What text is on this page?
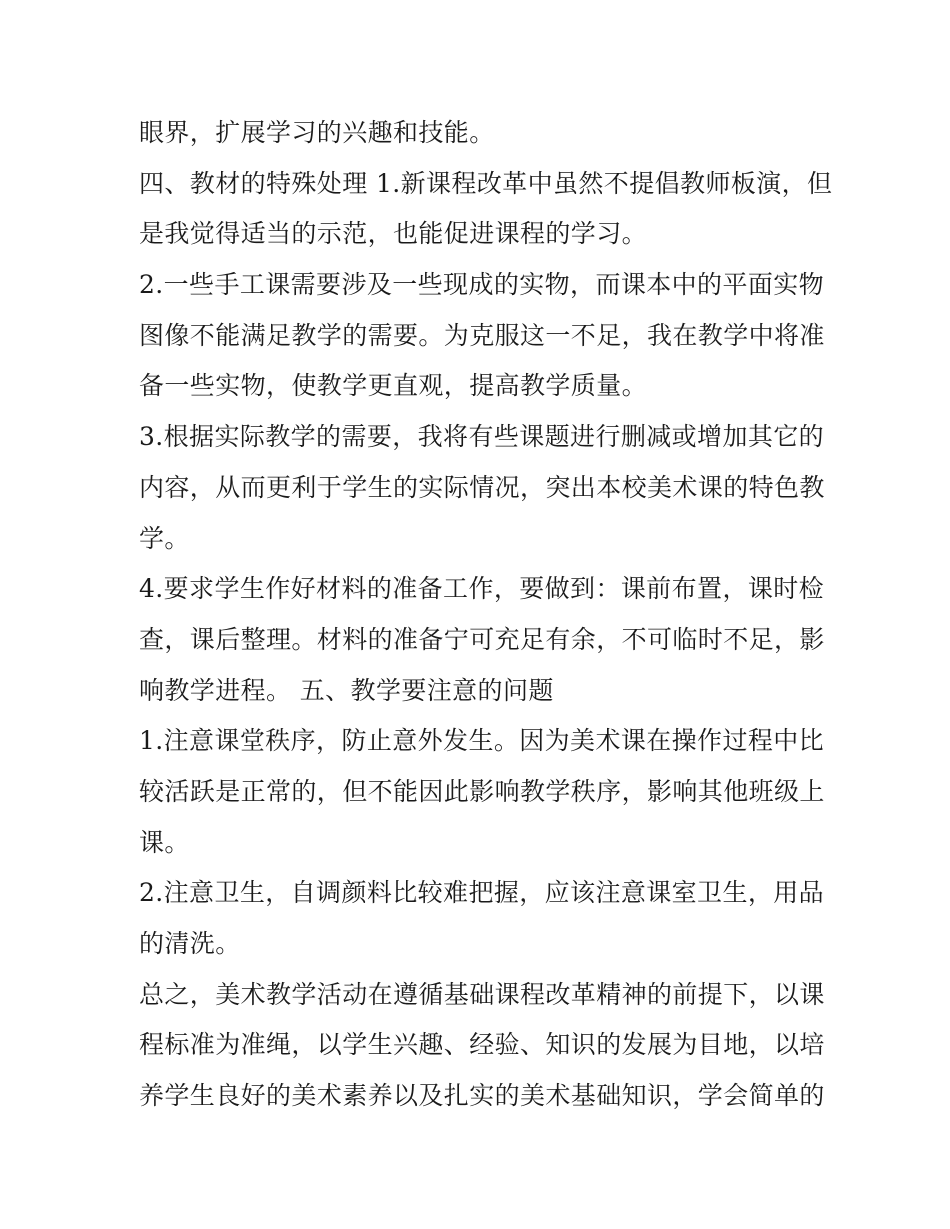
眼界，扩展学习的兴趣和技能。
四、教材的特殊处理 1.新课程改革中虽然不提倡教师板演，但
是我觉得适当的示范，也能促进课程的学习。
2.一些手工课需要涉及一些现成的实物，而课本中的平面实物
图像不能满足教学的需要。为克服这一不足，我在教学中将准
备一些实物，使教学更直观，提高教学质量。
3.根据实际教学的需要，我将有些课题进行删减或增加其它的
内容，从而更利于学生的实际情况，突出本校美术课的特色教
学。
4.要求学生作好材料的准备工作，要做到：课前布置，课时检
查，课后整理。材料的准备宁可充足有余，不可临时不足，影
响教学进程。 五、教学要注意的问题
1.注意课堂秩序，防止意外发生。因为美术课在操作过程中比
较活跃是正常的，但不能因此影响教学秩序，影响其他班级上
课。
2.注意卫生，自调颜料比较难把握，应该注意课室卫生，用品
的清洗。
总之，美术教学活动在遵循基础课程改革精神的前提下，以课
程标准为准绳，以学生兴趣、经验、知识的发展为目地，以培
养学生良好的美术素养以及扎实的美术基础知识，学会简单的
